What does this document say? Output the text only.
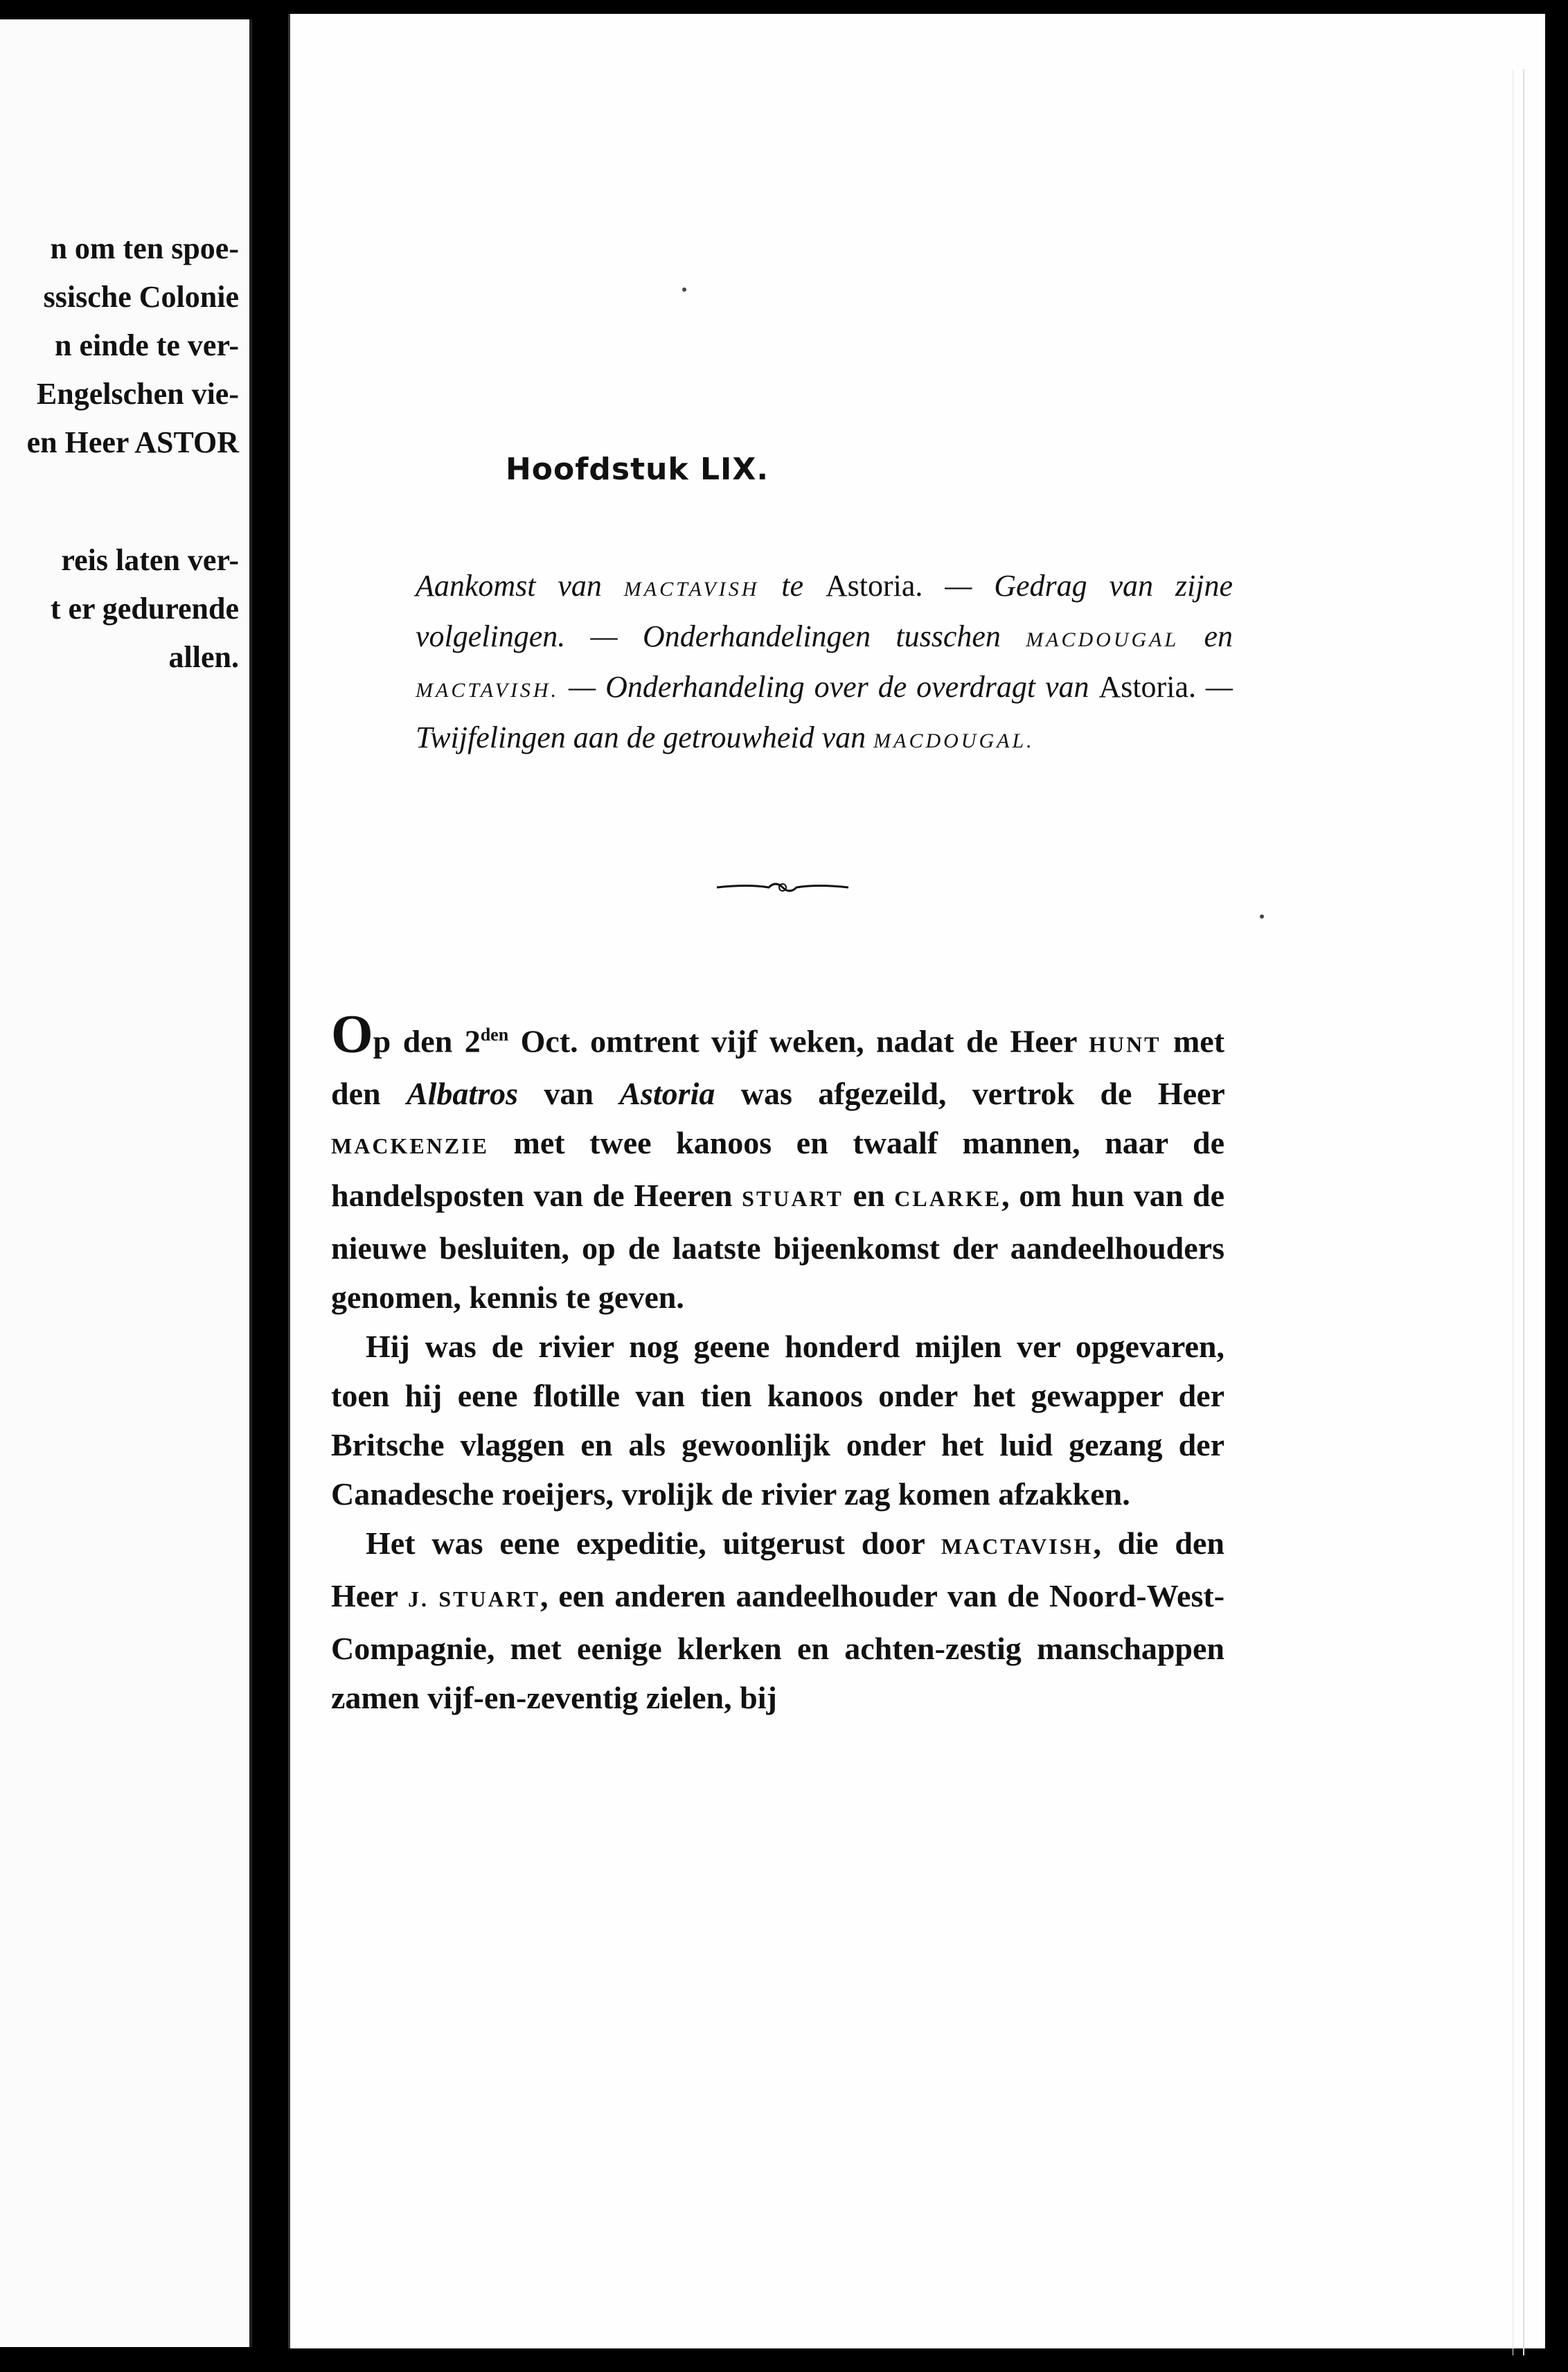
n om ten spoe-
ssische Colonie
n einde te ver-
Engelschen vie-
en Heer ASTOR
reis laten ver-
t er gedurende
allen.
Hoofdstuk LIX.
Aankomst van MACTAVISH te Astoria. — Gedrag van zijne volgelingen. — Onderhandelingen tusschen MACDOUGAL en MACTAVISH. — Onderhandeling over de overdragt van Astoria. — Twijfelingen aan de getrouwheid van MACDOUGAL.

Op den $2^{den}$ Oct. omtrent vijf weken, nadat de Heer HUNT met den Albatros van Astoria was afgezeild, vertrok de Heer MACKENZIE met twee kanoos en twaalf mannen, naar de handelsposten van de Heeren STUART en CLARKE, om hun van de nieuwe besluiten, op de laatste bijeenkomst der aandeelhouders genomen, kennis te geven.

Hij was de rivier nog geene honderd mijlen ver opgevaren, toen hij eene flotille van tien kanoos onder het gewapper der Britsche vlaggen en als gewoonlijk onder het luid gezang der Canadesche roeijers, vrolijk de rivier zag komen afzakken.

Het was eene expeditie, uitgerust door MACTAVISH, die den Heer J. STUART, een anderen aandeelhouder van de Noord-West-Compagnie, met eenige klerken en achten-zestig manschappen zamen vijf-en-zeventig zielen, bij
